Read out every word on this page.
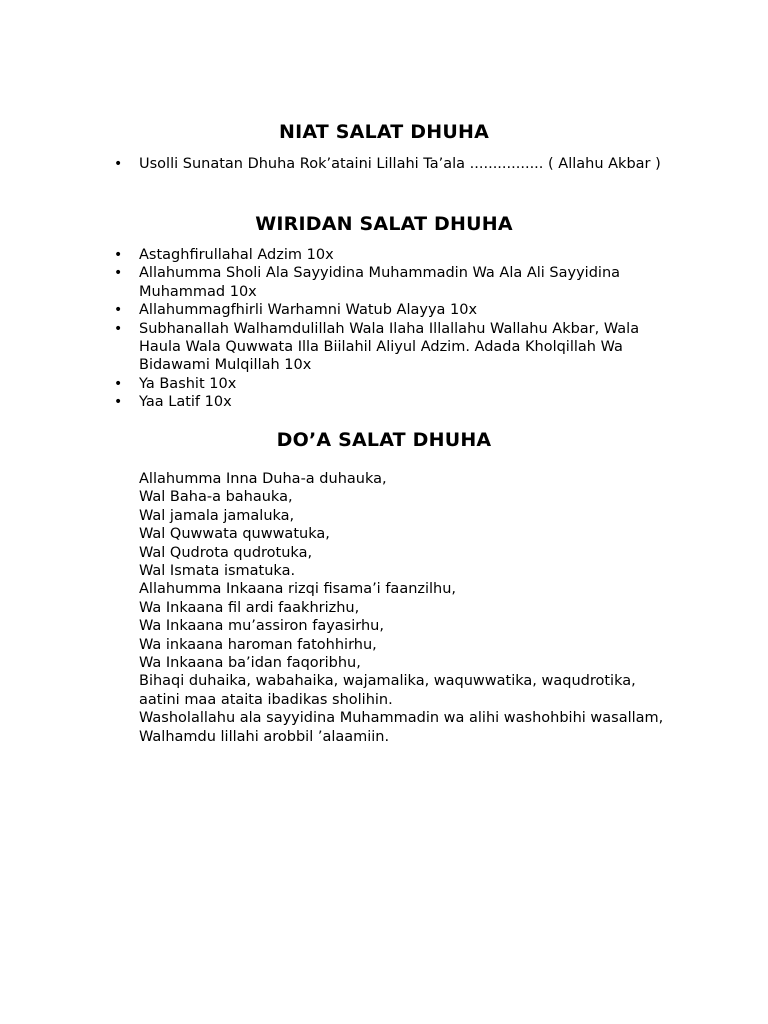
NIAT SALAT DHUHA
• Usolli Sunatan Dhuha Rok’ataini Lillahi Ta’ala ................ ( Allahu Akbar )
WIRIDAN SALAT DHUHA
• Astaghfirullahal Adzim 10x
• Allahumma Sholi Ala Sayyidina Muhammadin Wa Ala Ali Sayyidina Muhammad 10x
• Allahummagfhirli Warhamni Watub Alayya 10x
• Subhanallah Walhamdulillah Wala Ilaha Illallahu Wallahu Akbar, Wala Haula Wala Quwwata Illa Biilahil Aliyul Adzim. Adada Kholqillah Wa Bidawami Mulqillah 10x
• Ya Bashit 10x
• Yaa Latif 10x
DO’A SALAT DHUHA
Allahumma Inna Duha-a duhauka,
Wal Baha-a bahauka,
Wal jamala jamaluka,
Wal Quwwata quwwatuka,
Wal Qudrota qudrotuka,
Wal Ismata ismatuka.
Allahumma Inkaana rizqi fisama’i faanzilhu,
Wa Inkaana fil ardi faakhrizhu,
Wa Inkaana mu’assiron fayasirhu,
Wa inkaana haroman fatohhirhu,
Wa Inkaana ba’idan faqoribhu,
Bihaqi duhaika, wabahaika, wajamalika, waquwwatika, waqudrotika, aatini maa ataita ibadikas sholihin.
Washolallahu ala sayyidina Muhammadin wa alihi washohbihi wasallam,
Walhamdu lillahi arobbil ’alaamiin.
